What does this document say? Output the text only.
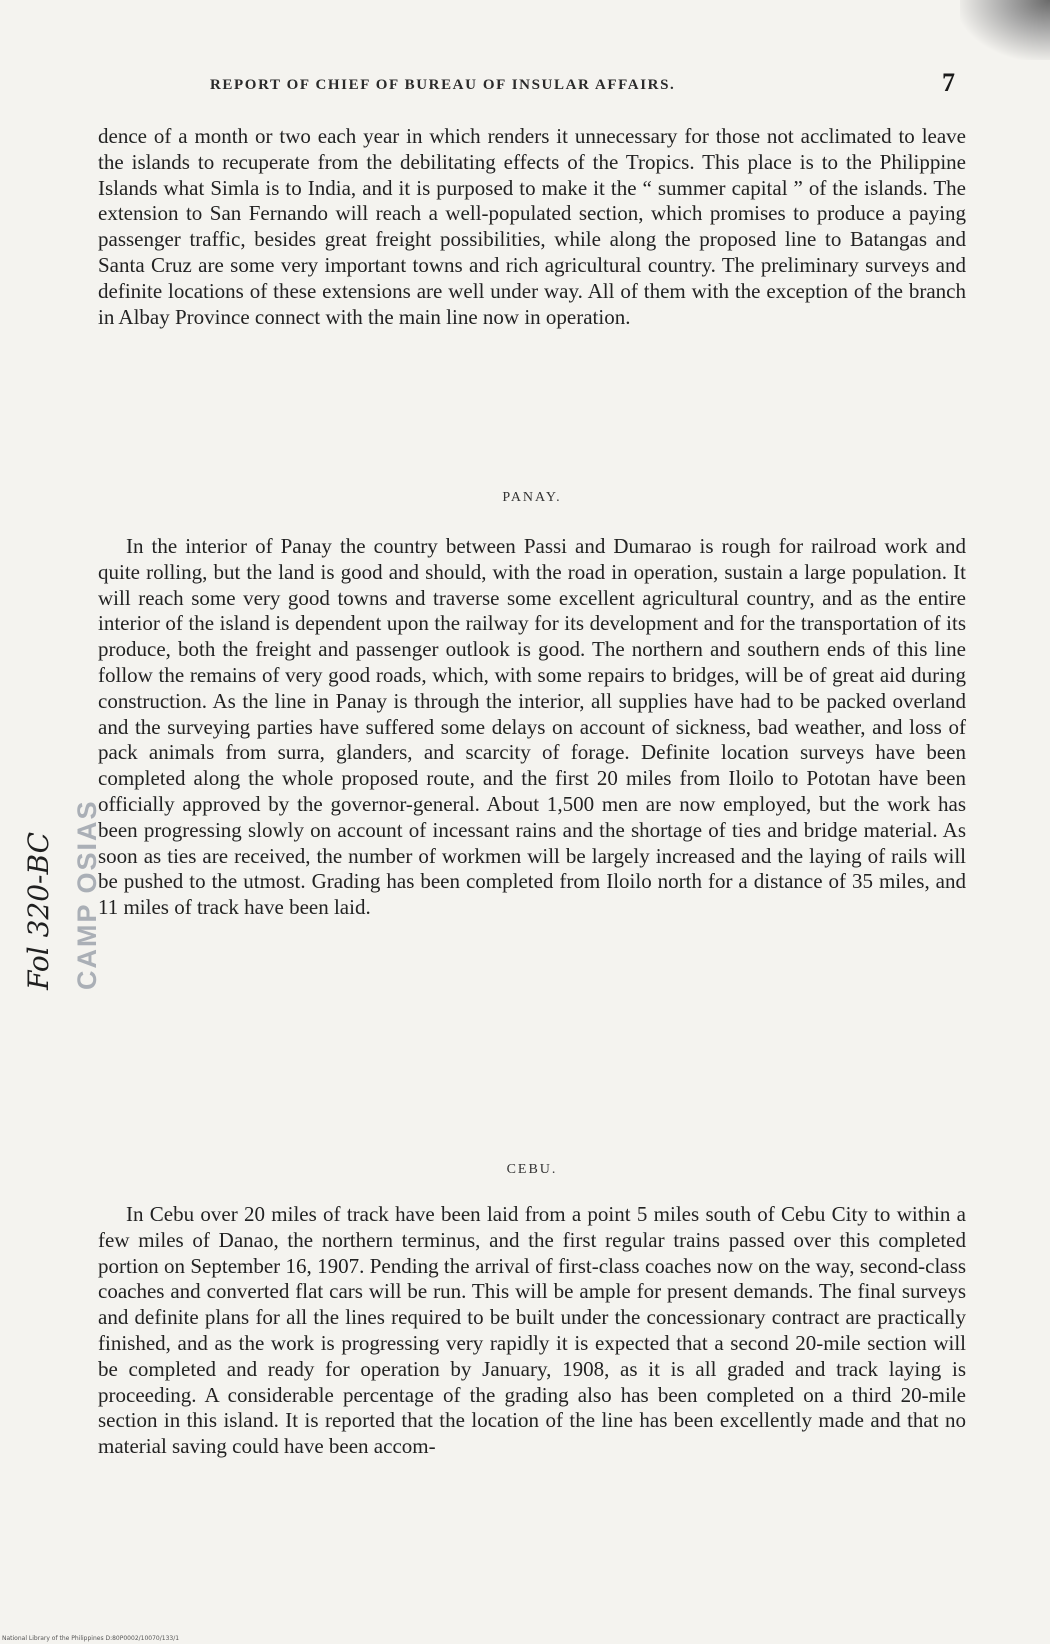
REPORT OF CHIEF OF BUREAU OF INSULAR AFFAIRS.	7

dence of a month or two each year in which renders it unnecessary for those not acclimated to leave the islands to recuperate from the debilitating effects of the Tropics. This place is to the Philippine Islands what Simla is to India, and it is purposed to make it the “ summer capital ” of the islands. The extension to San Fernando will reach a well-populated section, which promises to produce a paying passenger traffic, besides great freight possibilities, while along the proposed line to Batangas and Santa Cruz are some very important towns and rich agricultural country. The preliminary surveys and definite locations of these extensions are well under way. All of them with the exception of the branch in Albay Province connect with the main line now in operation.

PANAY.

In the interior of Panay the country between Passi and Dumarao is rough for railroad work and quite rolling, but the land is good and should, with the road in operation, sustain a large population. It will reach some very good towns and traverse some excellent agricultural country, and as the entire interior of the island is dependent upon the railway for its development and for the transportation of its produce, both the freight and passenger outlook is good. The northern and southern ends of this line follow the remains of very good roads, which, with some repairs to bridges, will be of great aid during construction. As the line in Panay is through the interior, all supplies have had to be packed overland and the surveying parties have suffered some delays on account of sickness, bad weather, and loss of pack animals from surra, glanders, and scarcity of forage. Definite location surveys have been completed along the whole proposed route, and the first 20 miles from Iloilo to Pototan have been officially approved by the governor-general. About 1,500 men are now employed, but the work has been progressing slowly on account of incessant rains and the shortage of ties and bridge material. As soon as ties are received, the number of workmen will be largely increased and the laying of rails will be pushed to the utmost. Grading has been completed from Iloilo north for a distance of 35 miles, and 11 miles of track have been laid.

CEBU.

In Cebu over 20 miles of track have been laid from a point 5 miles south of Cebu City to within a few miles of Danao, the northern terminus, and the first regular trains passed over this completed portion on September 16, 1907. Pending the arrival of first-class coaches now on the way, second-class coaches and converted flat cars will be run. This will be ample for present demands. The final surveys and definite plans for all the lines required to be built under the concessionary contract are practically finished, and as the work is progressing very rapidly it is expected that a second 20-mile section will be completed and ready for operation by January, 1908, as it is all graded and track laying is proceeding. A considerable percentage of the grading also has been completed on a third 20-mile section in this island. It is reported that the location of the line has been excellently made and that no material saving could have been accom-

CAMP OSIAS
Fol 320-BC
National Library of the Philippines D:80P0002/10070/133/1
